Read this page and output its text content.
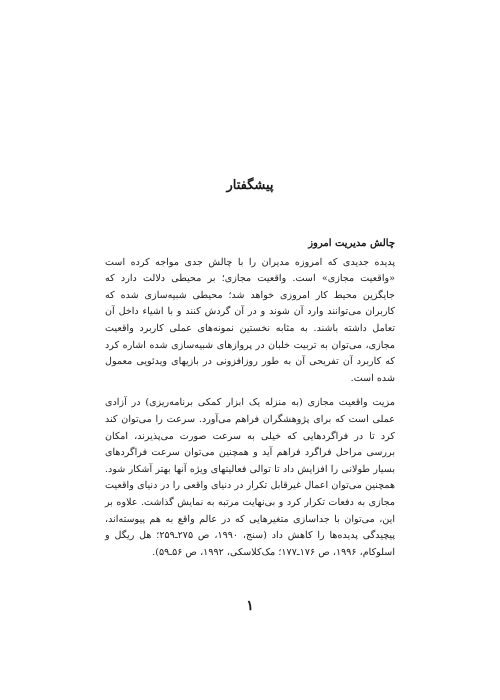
پیشگفتار
چالش مدیریت امروز

پدیده جدیدی که امروزه مدیران را با چالش جدی مواجه کرده است «واقعیت مجازی» است. واقعیت مجازی؛ بر محیطی دلالت دارد که جایگزین محیط کار امروزی خواهد شد؛ محیطی شبیه‌سازی شده که کاربران می‌توانند وارد آن شوند و در آن گردش کنند و با اشیاء داخل آن تعامل داشته باشند. به مثابه نخستین نمونه‌های عملی کاربرد واقعیت مجازی، می‌توان به تربیت خلبان در پروازهای شبیه‌سازی شده اشاره کرد که کاربرد آن تفریحی آن به طور روزافزونی در بازیهای ویدئویی معمول شده است.

مزیت واقعیت مجازی (به منزله یک ابزار کمکی برنامه‌ریزی) در آزادی عملی است که برای پژوهشگران فراهم می‌آورد. سرعت را می‌توان کند کرد تا در فراگردهایی که خیلی به سرعت صورت می‌پذیرند، امکان بررسی مراحل فراگرد فراهم آید و همچنین می‌توان سرعت فراگردهای بسیار طولانی را افزایش داد تا توالی فعالیتهای ویژه آنها بهتر آشکار شود. همچنین می‌توان اعمال غیرقابل تکرار در دنیای واقعی را در دنیای واقعیت مجازی به دفعات تکرار کرد و بی‌نهایت مرتبه به نمایش گذاشت. علاوه بر این، می‌توان با جداسازی متغیرهایی که در عالم واقع به هم پیوسته‌اند، پیچیدگی پدیده‌ها را کاهش داد (سنج، ۱۹۹۰، ص ۲۷۵ـ۲۵۹؛ هل ریگل و اسلوکام، ۱۹۹۶، ص ۱۷۶ـ۱۷۷؛ مک‌کلاسکی، ۱۹۹۲، ص ۵۶ـ۵۹).

۱
